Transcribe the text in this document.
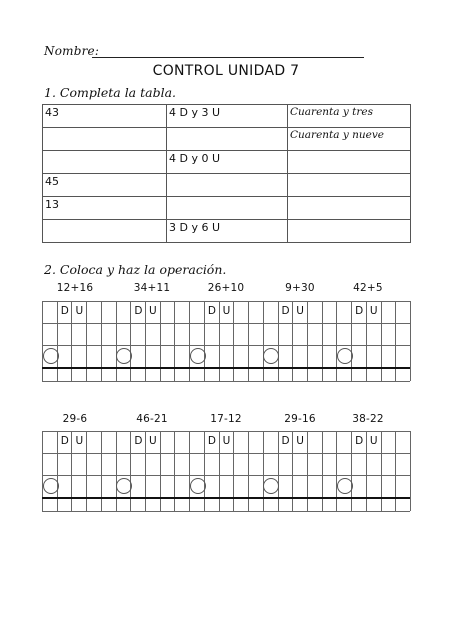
Nombre:
CONTROL UNIDAD 7
1. Completa la tabla.
43	4 D y 3 U	Cuarenta y tres
		Cuarenta y nueve
	4 D y 0 U	
45		
13		
	3 D y 6 U	
2. Coloca y haz la operación.
12+16	34+11	26+10	9+30	42+5
29-6	46-21	17-12	29-16	38-22
D U	D U	D U	D U	D U
D U	D U	D U	D U	D U
